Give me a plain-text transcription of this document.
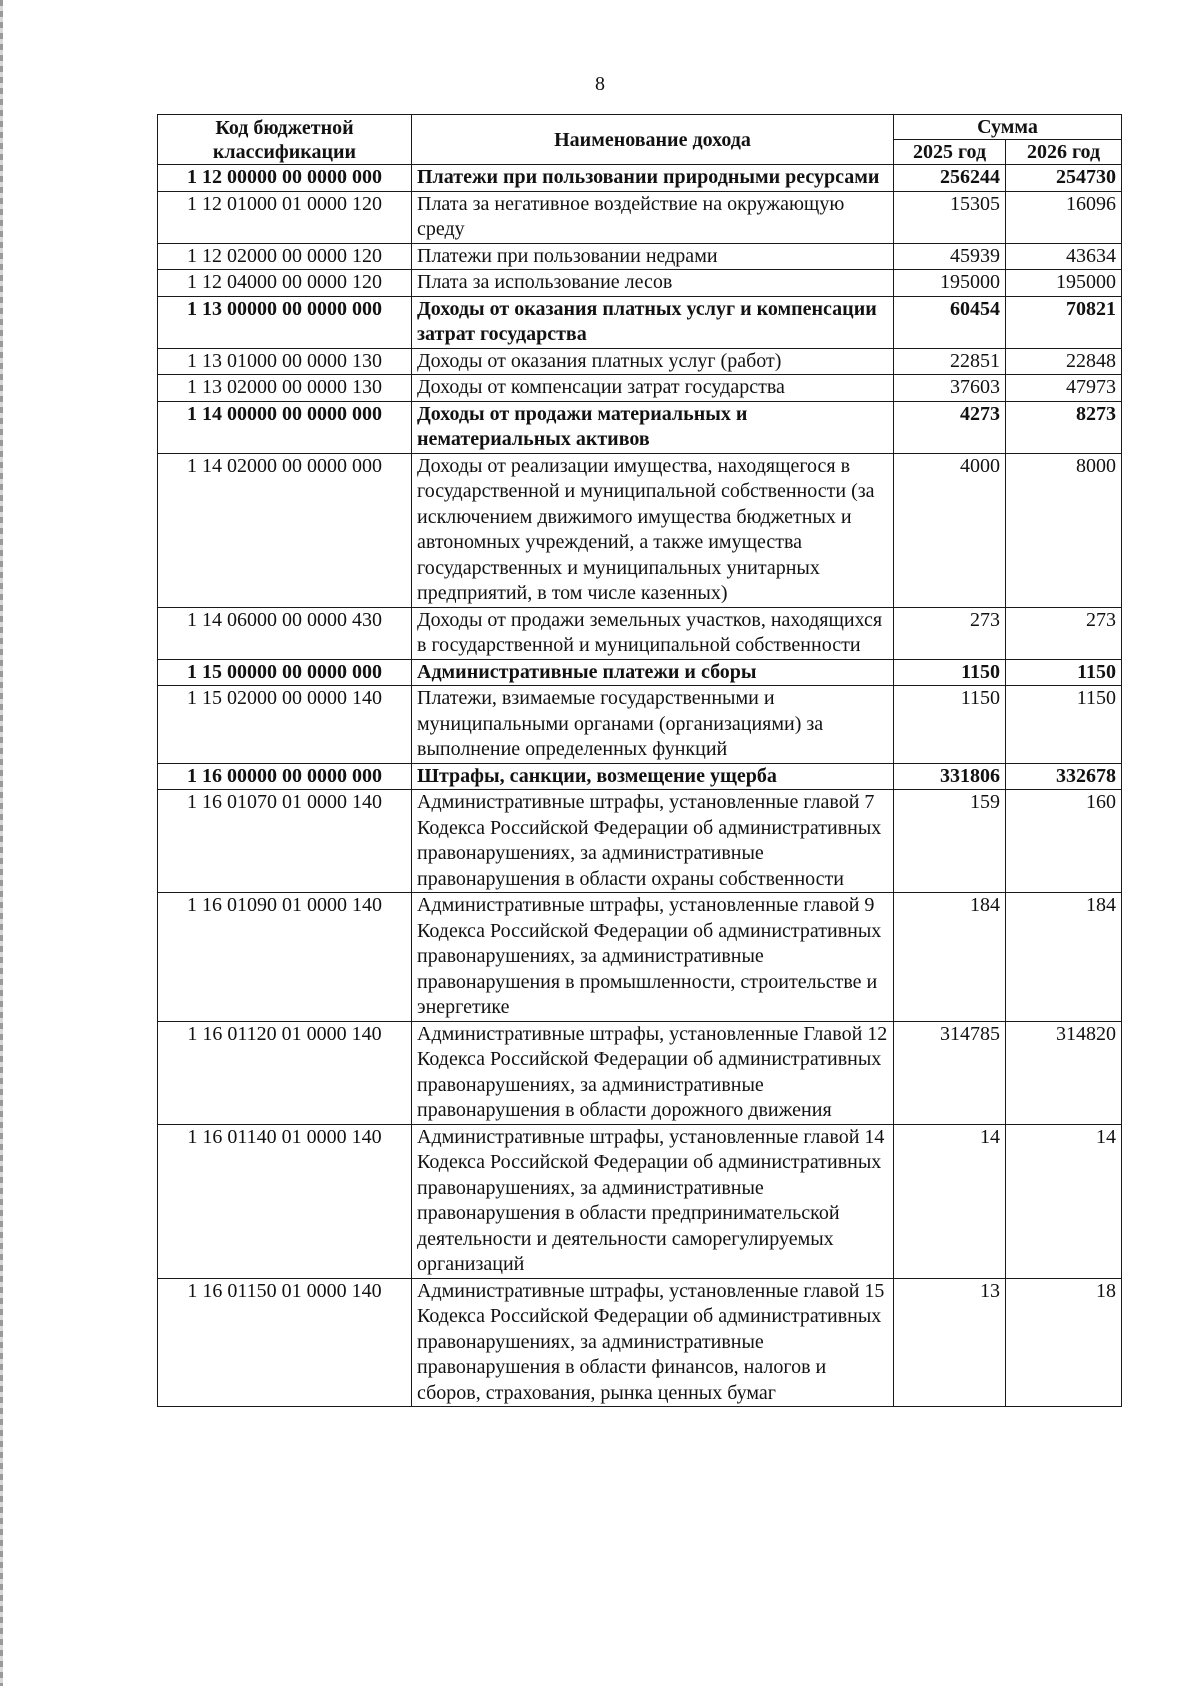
8
Код бюджетной классификации	Наименование дохода	Сумма	
		2025 год	2026 год
1 12 00000 00 0000 000	Платежи при пользовании природными ресурсами	256244	254730
1 12 01000 01 0000 120	Плата за негативное воздействие на окружающую среду	15305	16096
1 12 02000 00 0000 120	Платежи при пользовании недрами	45939	43634
1 12 04000 00 0000 120	Плата за использование лесов	195000	195000
1 13 00000 00 0000 000	Доходы от оказания платных услуг и компенсации затрат государства	60454	70821
1 13 01000 00 0000 130	Доходы от оказания платных услуг (работ)	22851	22848
1 13 02000 00 0000 130	Доходы от компенсации затрат государства	37603	47973
1 14 00000 00 0000 000	Доходы от продажи материальных и нематериальных активов	4273	8273
1 14 02000 00 0000 000	Доходы от реализации имущества, находящегося в государственной и муниципальной собственности (за исключением движимого имущества бюджетных и автономных учреждений, а также имущества государственных и муниципальных унитарных предприятий, в том числе казенных)	4000	8000
1 14 06000 00 0000 430	Доходы от продажи земельных участков, находящихся в государственной и муниципальной собственности	273	273
1 15 00000 00 0000 000	Административные платежи и сборы	1150	1150
1 15 02000 00 0000 140	Платежи, взимаемые государственными и муниципальными органами (организациями) за выполнение определенных функций	1150	1150
1 16 00000 00 0000 000	Штрафы, санкции, возмещение ущерба	331806	332678
1 16 01070 01 0000 140	Административные штрафы, установленные главой 7 Кодекса Российской Федерации об административных правонарушениях, за административные правонарушения в области охраны собственности	159	160
1 16 01090 01 0000 140	Административные штрафы, установленные главой 9 Кодекса Российской Федерации об административных правонарушениях, за административные правонарушения в промышленности, строительстве и энергетике	184	184
1 16 01120 01 0000 140	Административные штрафы, установленные Главой 12 Кодекса Российской Федерации об административных правонарушениях, за административные правонарушения в области дорожного движения	314785	314820
1 16 01140 01 0000 140	Административные штрафы, установленные главой 14 Кодекса Российской Федерации об административных правонарушениях, за административные правонарушения в области предпринимательской деятельности и деятельности саморегулируемых организаций	14	14
1 16 01150 01 0000 140	Административные штрафы, установленные главой 15 Кодекса Российской Федерации об административных правонарушениях, за административные правонарушения в области финансов, налогов и сборов, страхования, рынка ценных бумаг	13	18
